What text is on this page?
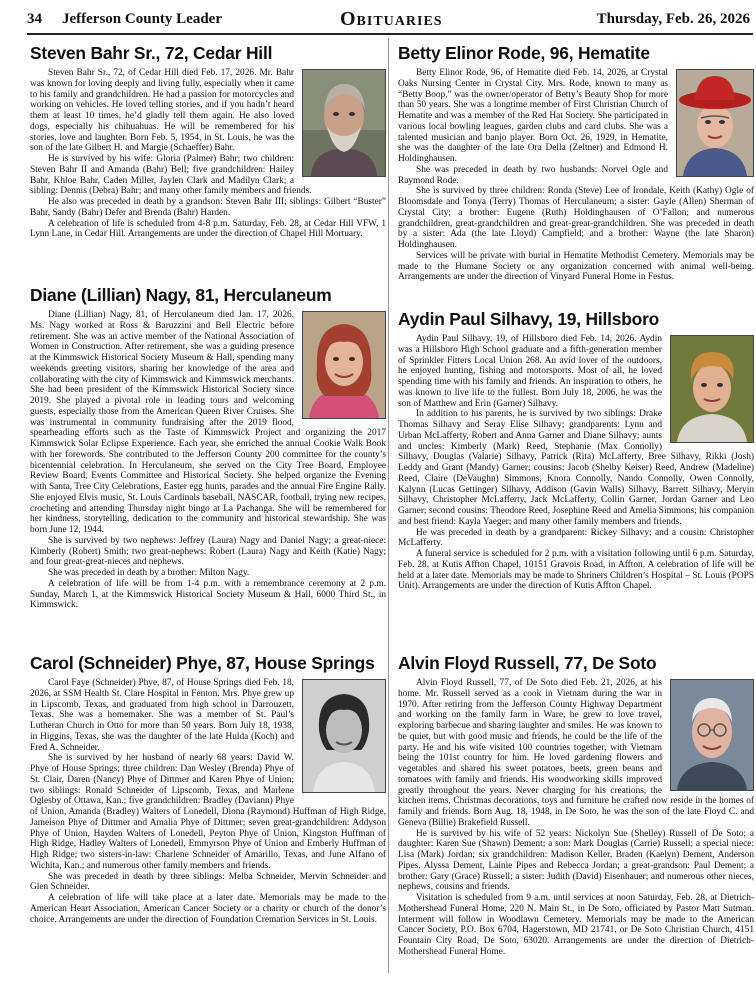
34 Jefferson County Leader	Obituaries	Thursday, Feb. 26, 2026
Steven Bahr Sr., 72, Cedar Hill

Steven Bahr Sr., 72, of Cedar Hill died Feb. 17, 2026. Mr. Bahr was known for loving deeply and living fully, especially when it came to his family and grandchildren. He had a passion for motorcycles and working on vehicles. He loved telling stories, and if you hadn’t heard them at least 10 times, he’d gladly tell them again. He also loved dogs, especially his chihuahuas. He will be remembered for his stories, love and laughter. Born Feb. 5, 1954, in St. Louis, he was the son of the late Gilbert H. and Margie (Schaeffer) Bahr.

He is survived by his wife: Gloria (Palmer) Bahr; two children: Steven Bahr II and Amanda (Bahr) Bell; five grandchildren: Hailey Bahr, Khloe Bahr, Caden Miller, Jaylen Clark and Madilyn Clark; a sibling: Dennis (Debra) Bahr; and many other family members and friends.

He also was preceded in death by a grandson: Steven Bahr III; siblings: Gilbert “Buster” Bahr, Sandy (Bahr) Defer and Brenda (Bahr) Harden.

A celebration of life is scheduled from 4-8 p.m. Saturday, Feb. 28, at Cedar Hill VFW, 1 Lynn Lane, in Cedar Hill. Arrangements are under the direction of Chapel Hill Mortuary.

Diane (Lillian) Nagy, 81, Herculaneum

Diane (Lillian) Nagy, 81, of Herculaneum died Jan. 17, 2026. Ms. Nagy worked at Ross & Baruzzini and Bell Electric before retirement. She was an active member of the National Association of Women in Construction. After retirement, she was a guiding presence at the Kimmswick Historical Society Museum & Hall, spending many weekends greeting visitors, sharing her knowledge of the area and collaborating with the city of Kimmswick and Kimmswick merchants. She had been president of the Kimmswick Historical Society since 2019. She played a pivotal role in leading tours and welcoming guests, especially those from the American Queen River Cruises. She was instrumental in community fundraising after the 2019 flood, spearheading efforts such as the Taste of Kimmswick Project and organizing the 2017 Kimmswick Solar Eclipse Experience. Each year, she enriched the annual Cookie Walk Book with her forewords. She contributed to the Jefferson County 200 committee for the county’s bicentennial celebration. In Herculaneum, she served on the City Tree Board, Employee Review Board, Events Committee and Historical Society. She helped organize the Evening with Santa, Tree City Celebrations, Easter egg hunts, parades and the annual Fire Engine Rally. She enjoyed Elvis music, St. Louis Cardinals baseball, NASCAR, football, trying new recipes, crocheting and attending Thursday night bingo at La Pachanga. She will be remembered for her kindness, storytelling, dedication to the community and historical stewardship. She was born June 12, 1944.

She is survived by two nephews: Jeffrey (Laura) Nagy and Daniel Nagy; a great-niece: Kimberly (Robert) Smith; two great-nephews: Robert (Laura) Nagy and Keith (Katie) Nagy; and four great-great-nieces and nephews.

She was preceded in death by a brother: Milton Nagy.

A celebration of life will be from 1-4 p.m. with a remembrance ceremony at 2 p.m. Sunday, March 1, at the Kimmswick Historical Society Museum & Hall, 6000 Third St., in Kimmswick.

Carol (Schneider) Phye, 87, House Springs

Carol Faye (Schneider) Phye, 87, of House Springs died Feb. 18, 2026, at SSM Health St. Clare Hospital in Fenton. Mrs. Phye grew up in Lipscomb, Texas, and graduated from high school in Darrouzett, Texas. She was a homemaker. She was a member of St. Paul’s Lutheran Church in Otto for more than 50 years. Born July 18, 1938, in Higgins, Texas, she was the daughter of the late Hulda (Koch) and Fred A. Schneider.

She is survived by her husband of nearly 68 years: David W. Phye of House Springs; three children: Dan Wesley (Brenda) Phye of St. Clair, Daren (Nancy) Phye of Dittmer and Karen Phye of Union; two siblings: Ronald Schneider of Lipscomb, Texas, and Marlene Oglesby of Ottawa, Kan.; five grandchildren: Bradley (Daviann) Phye of Union, Amanda (Bradley) Walters of Lonedell, Diona (Raymond) Huffman of High Ridge, Jameison Phye of Dittmer and Amalia Phye of Dittmer; seven great-grandchildren: Addyson Phye of Union, Hayden Walters of Lonedell, Peyton Phye of Union, Kingston Huffman of High Ridge, Hadley Walters of Lonedell, Emmyrson Phye of Union and Emberly Huffman of High Ridge; two sisters-in-law: Charlene Schneider of Amarillo, Texas, and June Alfano of Wichita, Kan.; and numerous other family members and friends.

She was preceded in death by three siblings: Melba Schneider, Mervin Schneider and Glen Schneider.

A celebration of life will take place at a later date. Memorials may be made to the American Heart Association, American Cancer Society or a charity or church of the donor’s choice. Arrangements are under the direction of Foundation Cremation Services in St. Louis.

Betty Elinor Rode, 96, Hematite

Betty Elinor Rode, 96, of Hematite died Feb. 14, 2026, at Crystal Oaks Nursing Center in Crystal City. Mrs. Rode, known to many as “Betty Boop,” was the owner/operator of Betty’s Beauty Shop for more than 50 years. She was a longtime member of First Christian Church of Hematite and was a member of the Red Hat Society. She participated in various local bowling leagues, garden clubs and card clubs. She was a talented musician and banjo player. Born Oct. 26, 1929, in Hematite, she was the daughter of the late Ora Della (Zeltner) and Edmond H. Holdinghausen.

She was preceded in death by two husbands: Norvel Ogle and Raymond Rode.

She is survived by three children: Ronda (Steve) Lee of Irondale, Keith (Kathy) Ogle of Bloomsdale and Tonya (Terry) Thomas of Herculaneum; a sister: Gayle (Allen) Sherman of Crystal City; a brother: Eugene (Ruth) Holdinghausen of O’Fallon; and numerous grandchildren, great-grandchildren and great-great-grandchildren. She was preceded in death by a sister: Ada (the late Lloyd) Campfield; and a brother: Wayne (the late Sharon) Holdinghausen.

Services will be private with burial in Hematite Methodist Cemetery. Memorials may be made to the Humane Society or any organization concerned with animal well-being. Arrangements are under the direction of Vinyard Funeral Home in Festus.

Aydin Paul Silhavy, 19, Hillsboro

Aydin Paul Silhavy, 19, of Hillsboro died Feb. 14, 2026. Aydin was a Hillsboro High School graduate and a fifth-generation member of Sprinkler Fitters Local Union 268. An avid lover of the outdoors, he enjoyed hunting, fishing and motorsports. Most of all, he loved spending time with his family and friends. An inspiration to others, he was known to live life to the fullest. Born July 18, 2006, he was the son of Matthew and Erin (Garner) Silhavy.

In addition to his parents, he is survived by two siblings: Drake Thomas Silhavy and Seray Elise Silhavy; grandparents: Lynn and Urban McLafferty, Robert and Anna Garner and Diane Silhavy; aunts and uncles: Kimberly (Mark) Reed, Stephanie (Max Connolly) Silhavy, Douglas (Valarie) Silhavy, Patrick (Rita) McLafferty, Bree Silhavy, Rikki (Josh) Leddy and Grant (Mandy) Garner; cousins: Jacob (Shelby Keiser) Reed, Andrew (Madeline) Reed, Claire (DeVaughn) Simmons, Knora Connolly, Nando Connolly, Owen Connolly, Kalynn (Lucas Gettinger) Silhavy, Addison (Gavin Walls) Silhavy, Barrett Silhavy, Meryin Silhavy, Christopher McLafferty, Jack McLafferty, Collin Garner, Jordan Garner and Leo Garner; second cousins: Theodore Reed, Josephine Reed and Amelia Simmons; his companion and best friend: Kayla Yaeger; and many other family members and friends.

He was preceded in death by a grandparent: Rickey Silhavy; and a cousin: Christopher McLafferty.

A funeral service is scheduled for 2 p.m. with a visitation following until 6 p.m. Saturday, Feb. 28, at Kutis Affton Chapel, 10151 Gravois Road, in Affton. A celebration of life will be held at a later date. Memorials may be made to Shriners Children’s Hospital – St. Louis (POPS Unit). Arrangements are under the direction of Kutis Affton Chapel.

Alvin Floyd Russell, 77, De Soto

Alvin Floyd Russell, 77, of De Soto died Feb. 21, 2026, at his home. Mr. Russell served as a cook in Vietnam during the war in 1970. After retiring from the Jefferson County Highway Department and working on the family farm in Ware, he grew to love travel, exploring barbecue and sharing laughter and smiles. He was known to be quiet, but with good music and friends, he could be the life of the party. He and his wife visited 100 countries together, with Vietnam being the 101st country for him. He loved gardening flowers and vegetables and shared his sweet potatoes, beets, green beans and tomatoes with family and friends. His woodworking skills improved greatly throughout the years. Never charging for his creations, the kitchen items, Christmas decorations, toys and furniture he crafted now reside in the homes of family and friends. Born Aug. 18, 1948, in De Soto, he was the son of the late Floyd C. and Geneva (Billie) Brakefield Russell.

He is survived by his wife of 52 years: Nickolyn Sue (Shelley) Russell of De Soto; a daughter: Karen Sue (Shawn) Dement; a son: Mark Douglas (Carrie) Russell; a special niece: Lisa (Mark) Jordan; six grandchildren: Madison Keller, Braden (Kaelyn) Dement, Anderson Pipes, Alyssa Dement, Lainie Pipes and Rebecca Jordan; a great-grandson: Paul Dement; a brother: Gary (Grace) Russell; a sister: Judith (David) Eisenhauer; and numerous other nieces, nephews, cousins and friends.

Visitation is scheduled from 9 a.m. until services at noon Saturday, Feb. 28, at Dietrich-Mothershead Funeral Home, 220 N. Main St., in De Soto, officiated by Pastor Matt Sutman. Interment will follow in Woodlawn Cemetery. Memorials may be made to the American Cancer Society, P.O. Box 6704, Hagerstown, MD 21741, or De Soto Christian Church, 4151 Fountain City Road, De Soto, 63020. Arrangements are under the direction of Dietrich-Mothershead Funeral Home.
